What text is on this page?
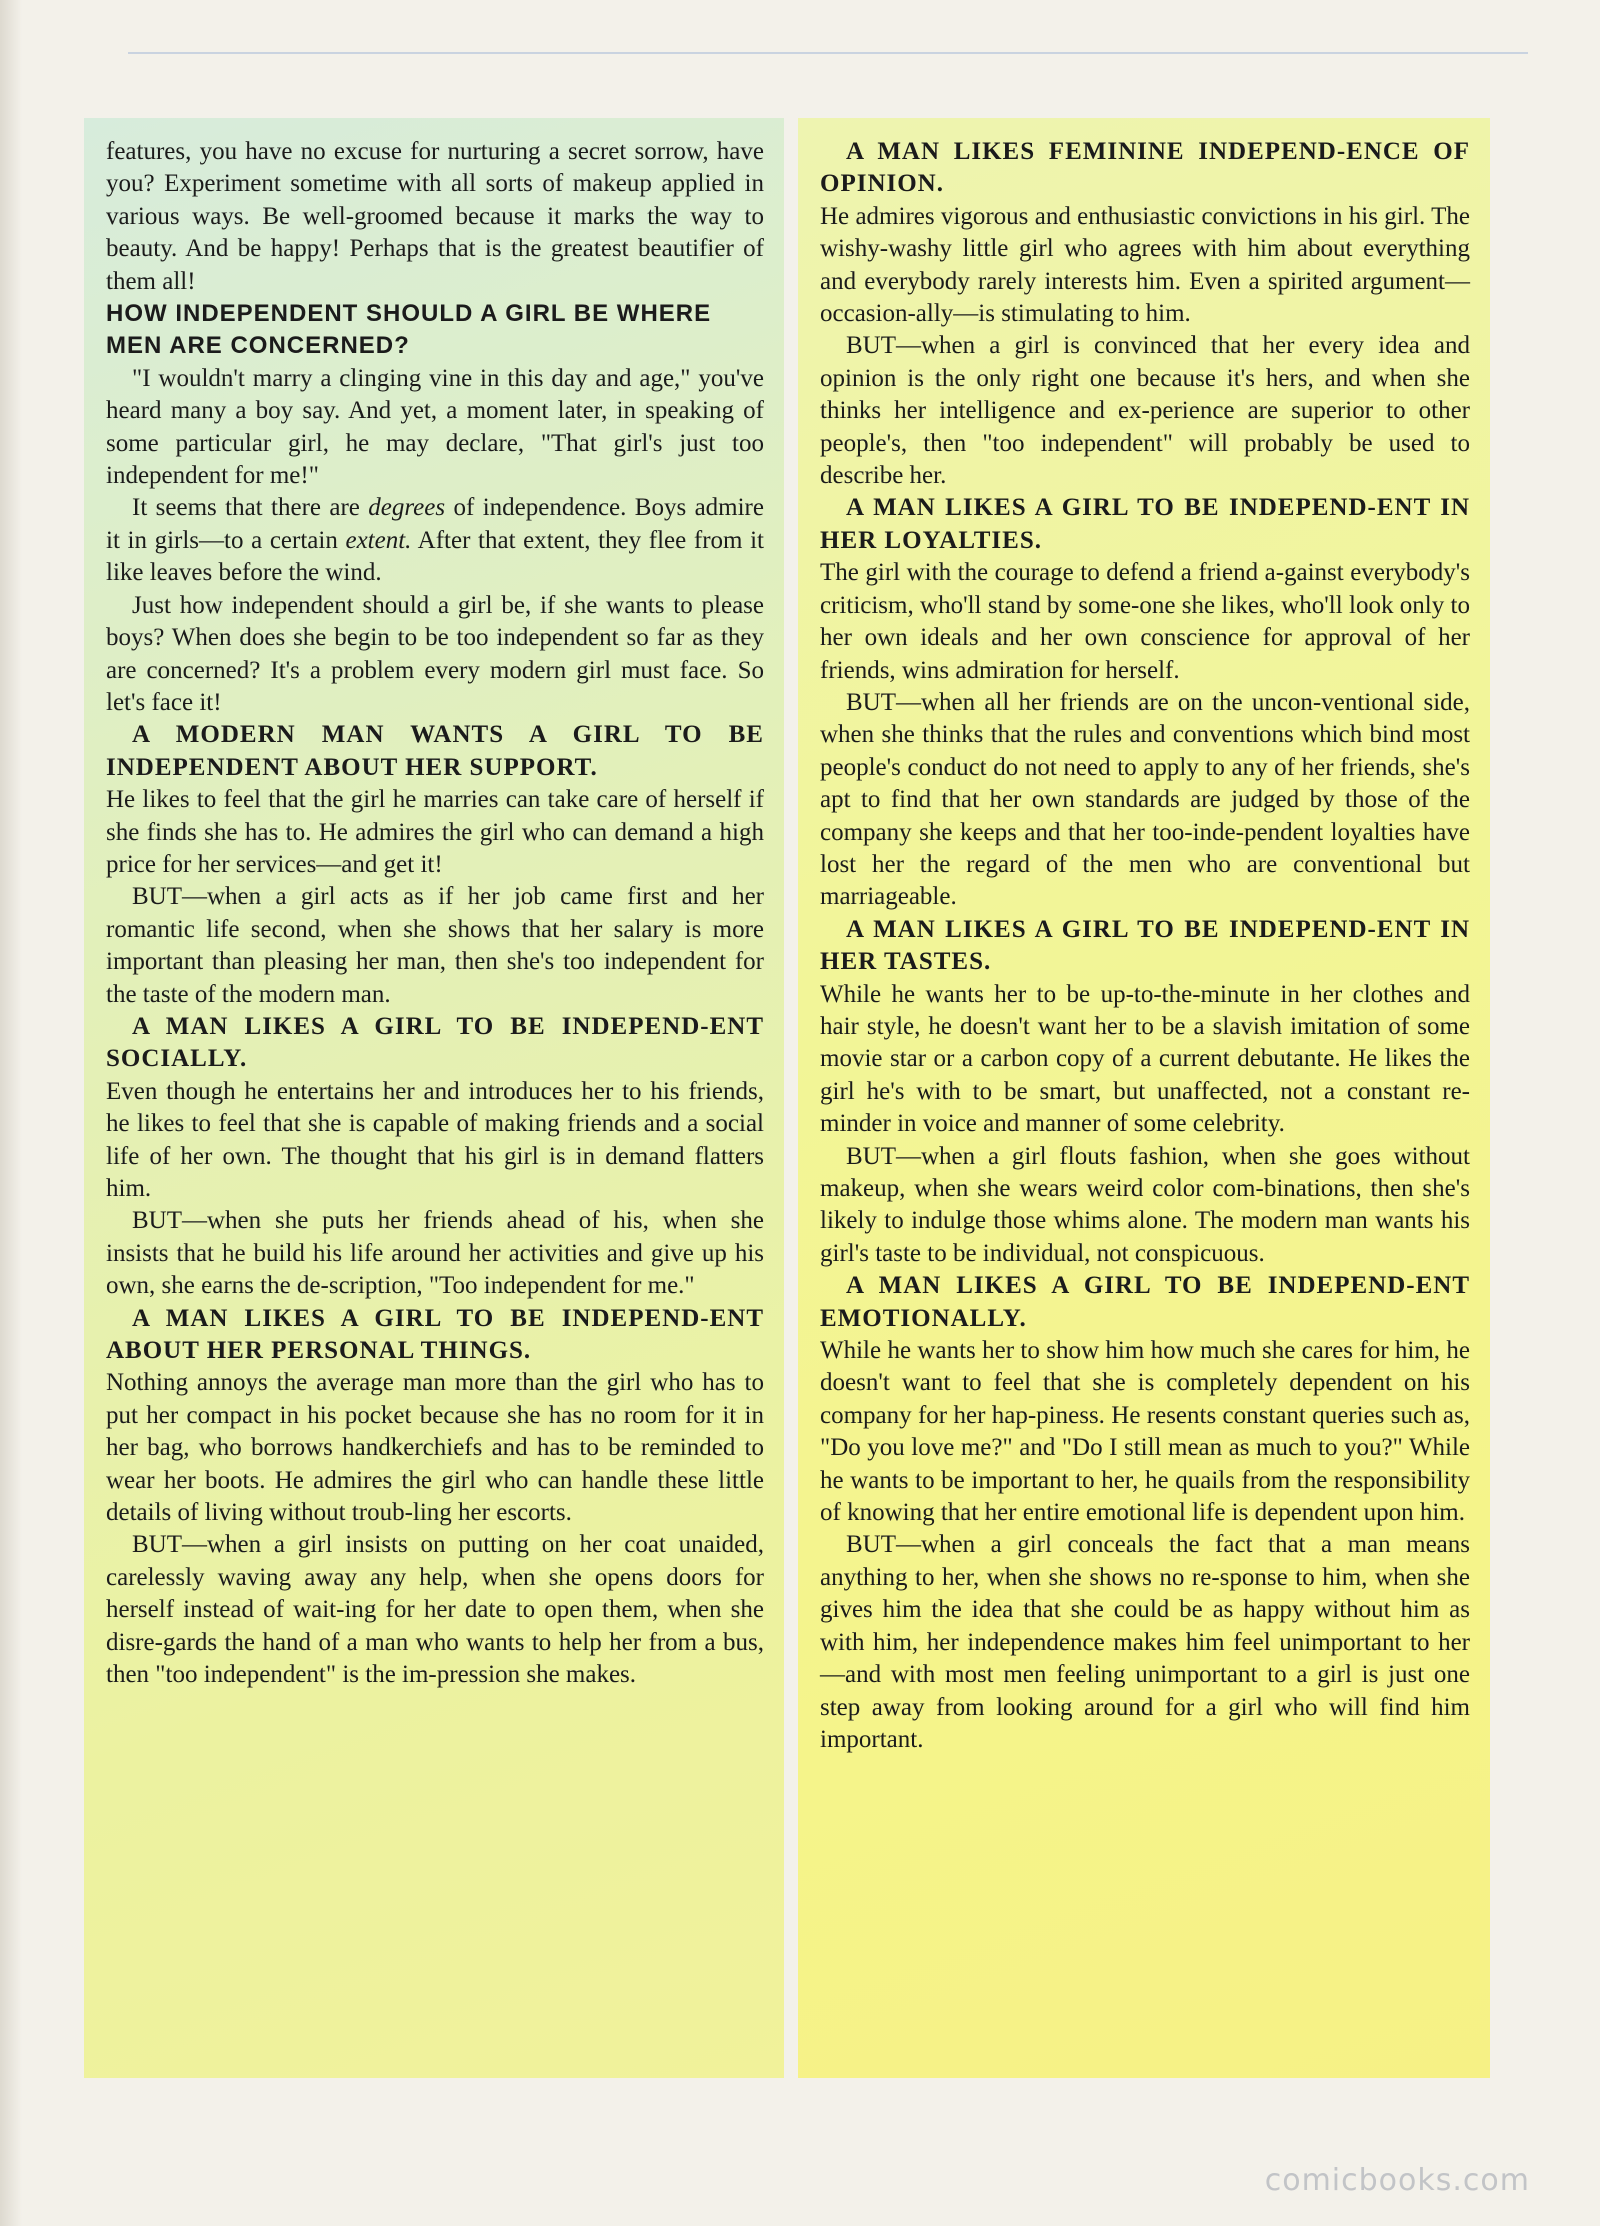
features, you have no excuse for nurturing a secret sorrow, have you? Experiment sometime with all sorts of makeup applied in various ways. Be well-groomed because it marks the way to beauty. And be happy! Perhaps that is the greatest beautifier of them all!

HOW INDEPENDENT SHOULD A GIRL BE WHERE MEN ARE CONCERNED?

"I wouldn't marry a clinging vine in this day and age," you've heard many a boy say. And yet, a moment later, in speaking of some particular girl, he may declare, "That girl's just too independent for me!"

It seems that there are degrees of independence. Boys admire it in girls—to a certain extent. After that extent, they flee from it like leaves before the wind.

Just how independent should a girl be, if she wants to please boys? When does she begin to be too independent so far as they are concerned? It's a problem every modern girl must face. So let's face it!

A MODERN MAN WANTS A GIRL TO BE INDEPENDENT ABOUT HER SUPPORT.

He likes to feel that the girl he marries can take care of herself if she finds she has to. He admires the girl who can demand a high price for her services—and get it!

BUT—when a girl acts as if her job came first and her romantic life second, when she shows that her salary is more important than pleasing her man, then she's too independent for the taste of the modern man.

A MAN LIKES A GIRL TO BE INDEPEND-ENT SOCIALLY.

Even though he entertains her and introduces her to his friends, he likes to feel that she is capable of making friends and a social life of her own. The thought that his girl is in demand flatters him.

BUT—when she puts her friends ahead of his, when she insists that he build his life around her activities and give up his own, she earns the de-scription, "Too independent for me."

A MAN LIKES A GIRL TO BE INDEPEND-ENT ABOUT HER PERSONAL THINGS.

Nothing annoys the average man more than the girl who has to put her compact in his pocket because she has no room for it in her bag, who borrows handkerchiefs and has to be reminded to wear her boots. He admires the girl who can handle these little details of living without troub-ling her escorts.

BUT—when a girl insists on putting on her coat unaided, carelessly waving away any help, when she opens doors for herself instead of wait-ing for her date to open them, when she disre-gards the hand of a man who wants to help her from a bus, then "too independent" is the im-pression she makes.

A MAN LIKES FEMININE INDEPEND-ENCE OF OPINION.

He admires vigorous and enthusiastic convictions in his girl. The wishy-washy little girl who agrees with him about everything and everybody rarely interests him. Even a spirited argument—occasion-ally—is stimulating to him.

BUT—when a girl is convinced that her every idea and opinion is the only right one because it's hers, and when she thinks her intelligence and ex-perience are superior to other people's, then "too independent" will probably be used to describe her.

A MAN LIKES A GIRL TO BE INDEPEND-ENT IN HER LOYALTIES.

The girl with the courage to defend a friend a-gainst everybody's criticism, who'll stand by some-one she likes, who'll look only to her own ideals and her own conscience for approval of her friends, wins admiration for herself.

BUT—when all her friends are on the uncon-ventional side, when she thinks that the rules and conventions which bind most people's conduct do not need to apply to any of her friends, she's apt to find that her own standards are judged by those of the company she keeps and that her too-inde-pendent loyalties have lost her the regard of the men who are conventional but marriageable.

A MAN LIKES A GIRL TO BE INDEPEND-ENT IN HER TASTES.

While he wants her to be up-to-the-minute in her clothes and hair style, he doesn't want her to be a slavish imitation of some movie star or a carbon copy of a current debutante. He likes the girl he's with to be smart, but unaffected, not a constant re-minder in voice and manner of some celebrity.

BUT—when a girl flouts fashion, when she goes without makeup, when she wears weird color com-binations, then she's likely to indulge those whims alone. The modern man wants his girl's taste to be individual, not conspicuous.

A MAN LIKES A GIRL TO BE INDEPEND-ENT EMOTIONALLY.

While he wants her to show him how much she cares for him, he doesn't want to feel that she is completely dependent on his company for her hap-piness. He resents constant queries such as, "Do you love me?" and "Do I still mean as much to you?" While he wants to be important to her, he quails from the responsibility of knowing that her entire emotional life is dependent upon him.

BUT—when a girl conceals the fact that a man means anything to her, when she shows no re-sponse to him, when she gives him the idea that she could be as happy without him as with him, her independence makes him feel unimportant to her—and with most men feeling unimportant to a girl is just one step away from looking around for a girl who will find him important.

comicbooks.com
